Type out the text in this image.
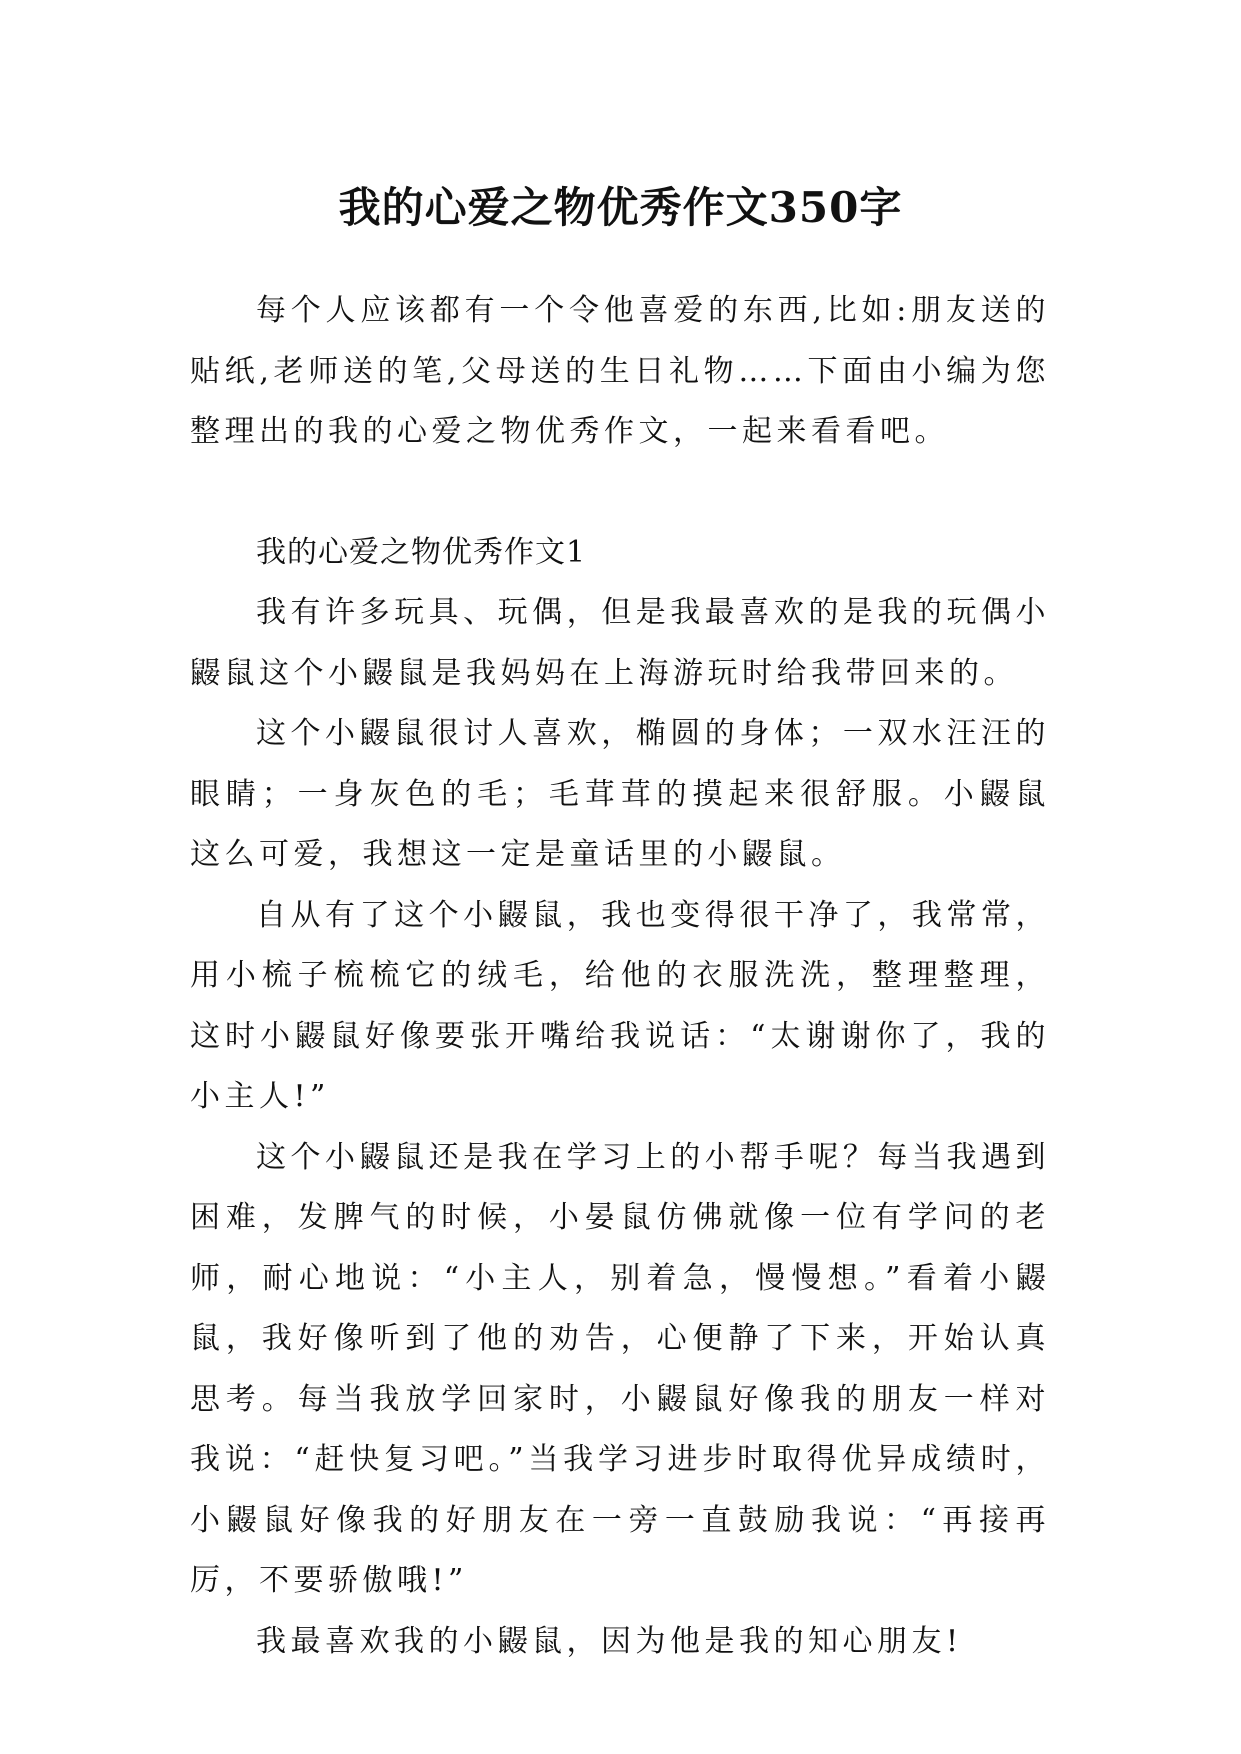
我的心爱之物优秀作文350字

每个人应该都有一个令他喜爱的东西,比如:朋友送的贴纸,老师送的笔,父母送的生日礼物……下面由小编为您整理出的我的心爱之物优秀作文，一起来看看吧。

我的心爱之物优秀作文1

我有许多玩具、玩偶，但是我最喜欢的是我的玩偶小鼹鼠这个小鼹鼠是我妈妈在上海游玩时给我带回来的。

这个小鼹鼠很讨人喜欢，椭圆的身体；一双水汪汪的眼睛；一身灰色的毛；毛茸茸的摸起来很舒服。小鼹鼠这么可爱，我想这一定是童话里的小鼹鼠。

自从有了这个小鼹鼠，我也变得很干净了，我常常，用小梳子梳梳它的绒毛，给他的衣服洗洗，整理整理，这时小鼹鼠好像要张开嘴给我说话：“太谢谢你了，我的小主人!”

这个小鼹鼠还是我在学习上的小帮手呢？每当我遇到困难，发脾气的时候，小晏鼠仿佛就像一位有学问的老师，耐心地说：“小主人，别着急，慢慢想。”看着小鼹鼠，我好像听到了他的劝告，心便静了下来，开始认真思考。每当我放学回家时，小鼹鼠好像我的朋友一样对我说：“赶快复习吧。”当我学习进步时取得优异成绩时，小鼹鼠好像我的好朋友在一旁一直鼓励我说：“再接再厉，不要骄傲哦!”

我最喜欢我的小鼹鼠，因为他是我的知心朋友!
